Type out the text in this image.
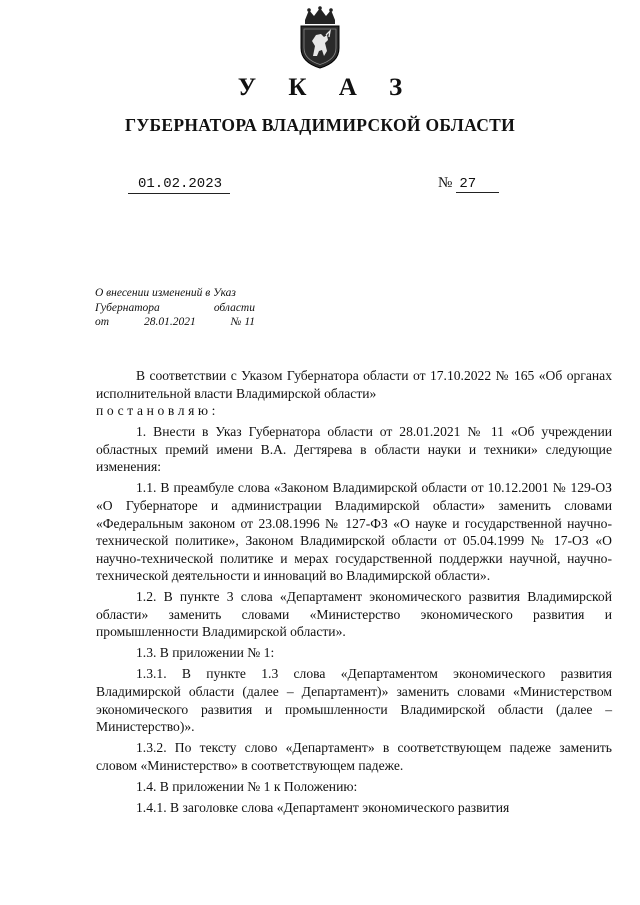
У К А З
ГУБЕРНАТОРА ВЛАДИМИРСКОЙ ОБЛАСТИ
01.02.2023	№ 27
О внесении изменений в Указ
Губернатора	области
от	28.01.2021	№ 11

В соответствии с Указом Губернатора области от 17.10.2022 № 165 «Об органах исполнительной власти Владимирской области»
постановляю:

1. Внести в Указ Губернатора области от 28.01.2021 № 11 «Об учреждении областных премий имени В.А. Дегтярева в области науки и техники» следующие изменения:

1.1. В преамбуле слова «Законом Владимирской области от 10.12.2001 № 129-ОЗ «О Губернаторе и администрации Владимирской области» заменить словами «Федеральным законом от 23.08.1996 № 127-ФЗ «О науке и государственной научно-технической политике», Законом Владимирской области от 05.04.1999 № 17-ОЗ «О научно-технической политике и мерах государственной поддержки научной, научно-технической деятельности и инноваций во Владимирской области».

1.2. В пункте 3 слова «Департамент экономического развития Владимирской области» заменить словами «Министерство экономического развития и промышленности Владимирской области».

1.3. В приложении № 1:

1.3.1. В пункте 1.3 слова «Департаментом экономического развития Владимирской области (далее – Департамент)» заменить словами «Министерством экономического развития и промышленности Владимирской области (далее – Министерство)».

1.3.2. По тексту слово «Департамент» в соответствующем падеже заменить словом «Министерство» в соответствующем падеже.

1.4. В приложении № 1 к Положению:

1.4.1. В заголовке слова «Департамент экономического развития
